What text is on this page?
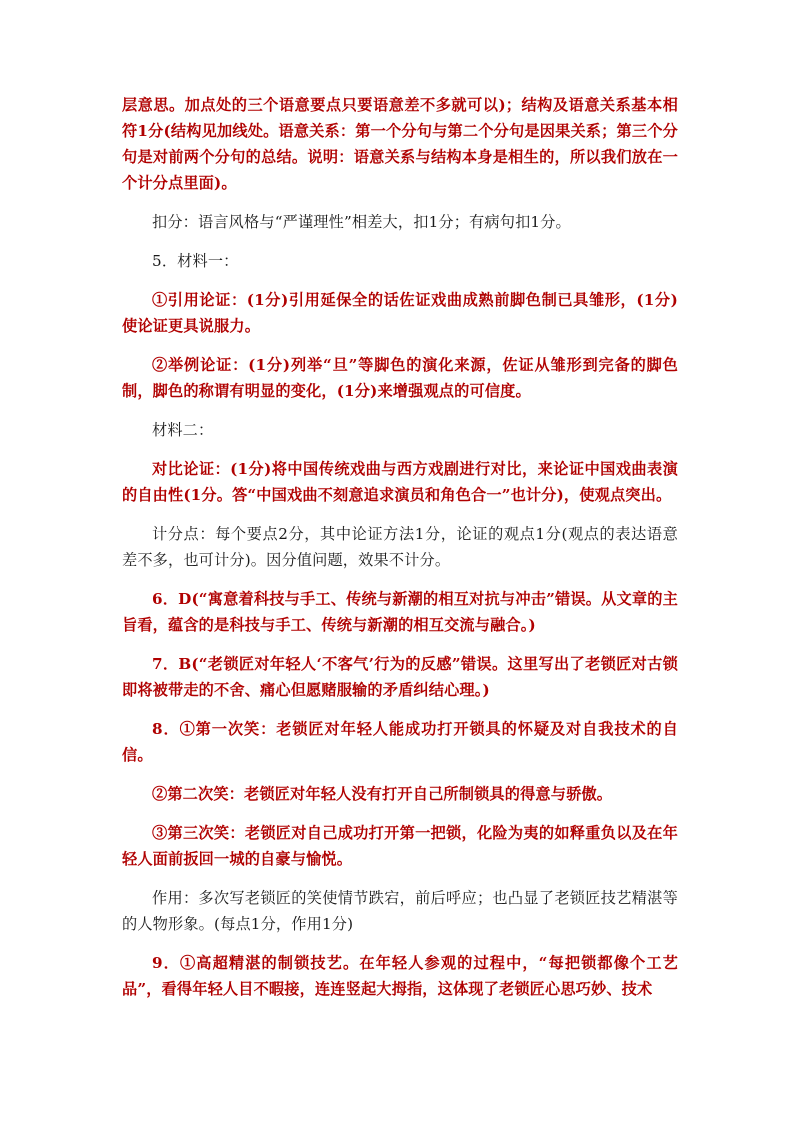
层意思。加点处的三个语意要点只要语意差不多就可以)；结构及语意关系基本相符1分(结构见加线处。语意关系：第一个分句与第二个分句是因果关系；第三个分句是对前两个分句的总结。说明：语意关系与结构本身是相生的，所以我们放在一个计分点里面)。

扣分：语言风格与“严谨理性”相差大，扣1分；有病句扣1分。

5．材料一：

①引用论证：(1分)引用延保全的话佐证戏曲成熟前脚色制已具雏形，(1分)使论证更具说服力。

②举例论证：(1分)列举“旦”等脚色的演化来源，佐证从雏形到完备的脚色制，脚色的称谓有明显的变化，(1分)来增强观点的可信度。

材料二：

对比论证：(1分)将中国传统戏曲与西方戏剧进行对比，来论证中国戏曲表演的自由性(1分。答“中国戏曲不刻意追求演员和角色合一”也计分)，使观点突出。

计分点：每个要点2分，其中论证方法1分，论证的观点1分(观点的表达语意差不多，也可计分)。因分值问题，效果不计分。

6．D(“寓意着科技与手工、传统与新潮的相互对抗与冲击”错误。从文章的主旨看，蕴含的是科技与手工、传统与新潮的相互交流与融合。)

7．B(“老锁匠对年轻人‘不客气’行为的反感”错误。这里写出了老锁匠对古锁即将被带走的不舍、痛心但愿赌服输的矛盾纠结心理。)

8．①第一次笑：老锁匠对年轻人能成功打开锁具的怀疑及对自我技术的自信。

②第二次笑：老锁匠对年轻人没有打开自己所制锁具的得意与骄傲。

③第三次笑：老锁匠对自己成功打开第一把锁，化险为夷的如释重负以及在年轻人面前扳回一城的自豪与愉悦。

作用：多次写老锁匠的笑使情节跌宕，前后呼应；也凸显了老锁匠技艺精湛等的人物形象。(每点1分，作用1分)

9．①高超精湛的制锁技艺。在年轻人参观的过程中，“每把锁都像个工艺品”，看得年轻人目不暇接，连连竖起大拇指，这体现了老锁匠心思巧妙、技术
